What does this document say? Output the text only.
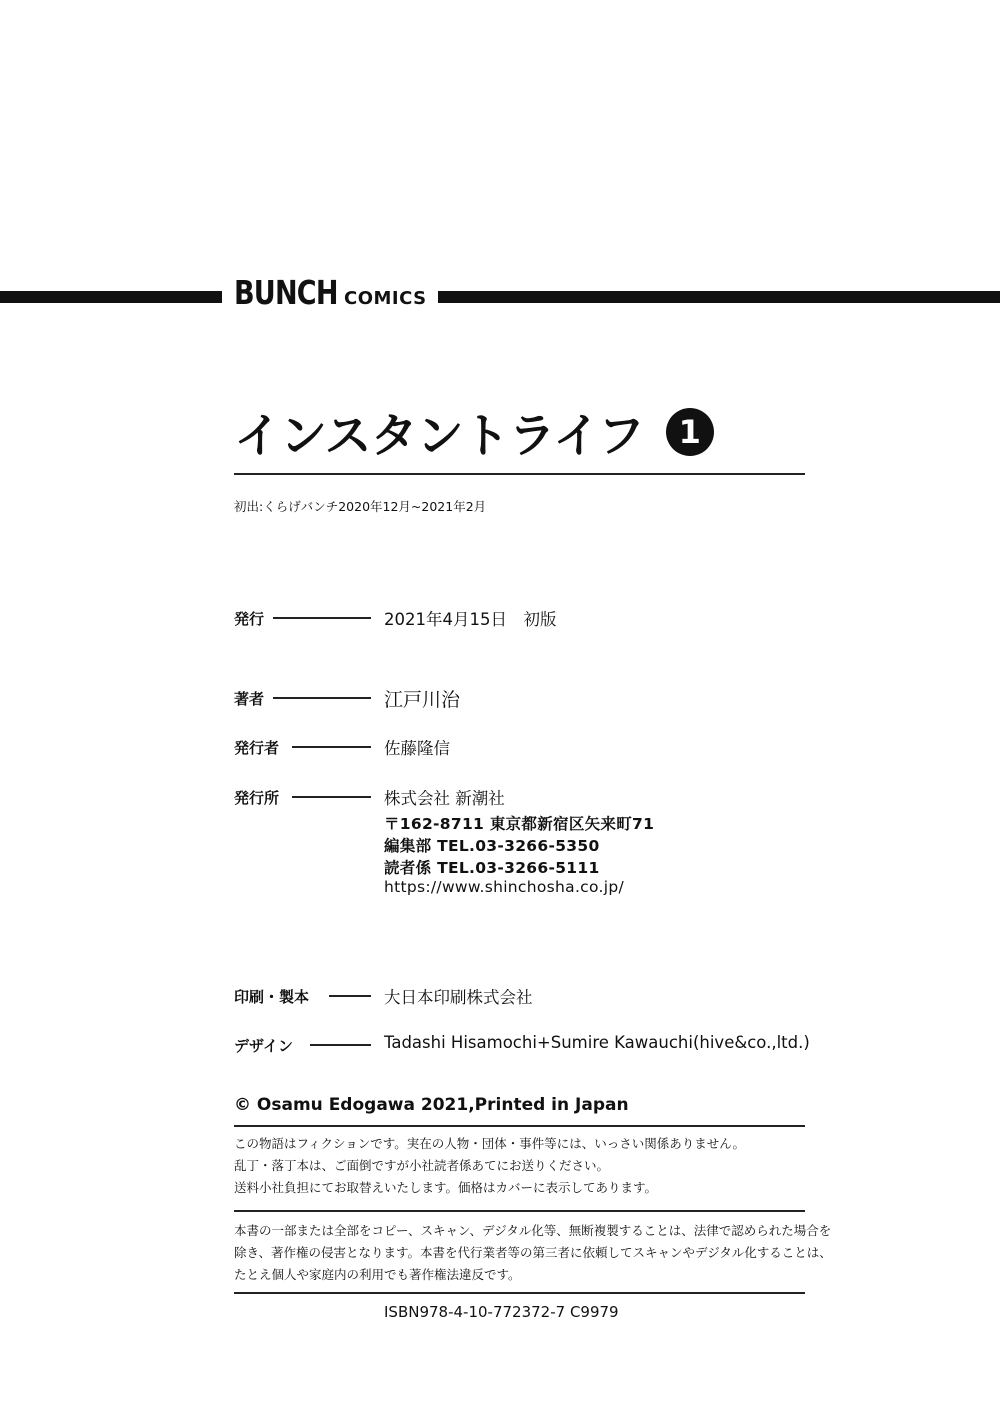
BUNCH COMICS
インスタントライフ	1
初出:くらげバンチ2020年12月~2021年2月
発行	2021年4月15日　初版
著者	江戸川治
発行者	佐藤隆信
発行所	株式会社 新潮社
〒162-8711 東京都新宿区矢来町71
編集部 TEL.03-3266-5350
読者係 TEL.03-3266-5111
https://www.shinchosha.co.jp/
印刷・製本	大日本印刷株式会社
デザイン	Tadashi Hisamochi+Sumire Kawauchi(hive&co.,ltd.)
© Osamu Edogawa 2021,Printed in Japan
この物語はフィクションです。実在の人物・団体・事件等には、いっさい関係ありません。
乱丁・落丁本は、ご面倒ですが小社読者係あてにお送りください。
送料小社負担にてお取替えいたします。価格はカバーに表示してあります。
本書の一部または全部をコピー、スキャン、デジタル化等、無断複製することは、法律で認められた場合を
除き、著作権の侵害となります。本書を代行業者等の第三者に依頼してスキャンやデジタル化することは、
たとえ個人や家庭内の利用でも著作権法違反です。
ISBN978-4-10-772372-7 C9979
